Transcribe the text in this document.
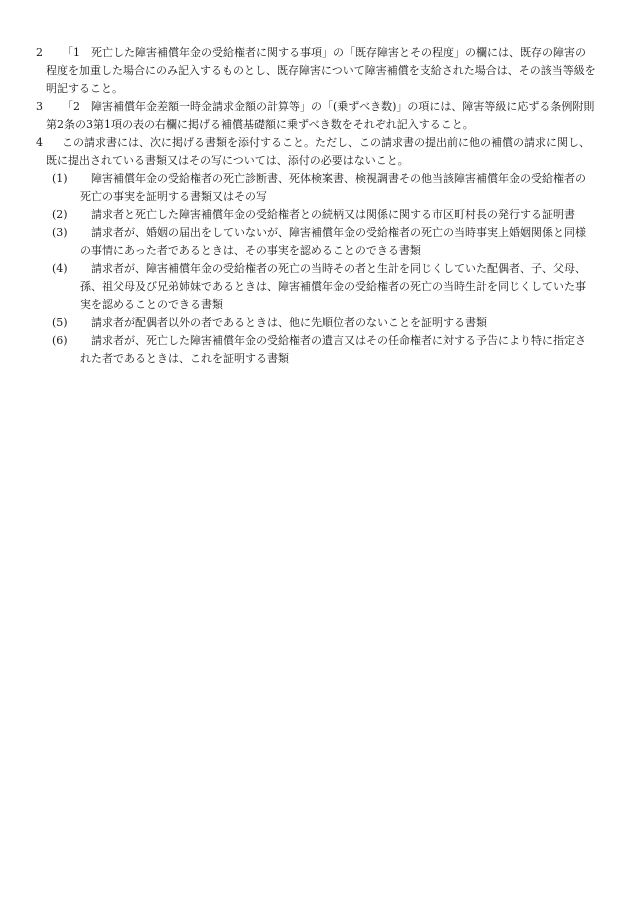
2	「1　死亡した障害補償年金の受給権者に関する事項」の「既存障害とその程度」の欄には、既存の障害の程度を加重した場合にのみ記入するものとし、既存障害について障害補償を支給された場合は、その該当等級を明記すること。
3	「2　障害補償年金差額一時金請求金額の計算等」の「(乗ずべき数)」の項には、障害等級に応ずる条例附則第2条の3第1項の表の右欄に掲げる補償基礎額に乗ずべき数をそれぞれ記入すること。
4	この請求書には、次に掲げる書類を添付すること。ただし、この請求書の提出前に他の補償の請求に関し、既に提出されている書類又はその写については、添付の必要はないこと。
(1)	障害補償年金の受給権者の死亡診断書、死体検案書、検視調書その他当該障害補償年金の受給権者の死亡の事実を証明する書類又はその写
(2)	請求者と死亡した障害補償年金の受給権者との続柄又は関係に関する市区町村長の発行する証明書
(3)	請求者が、婚姻の届出をしていないが、障害補償年金の受給権者の死亡の当時事実上婚姻関係と同様の事情にあった者であるときは、その事実を認めることのできる書類
(4)	請求者が、障害補償年金の受給権者の死亡の当時その者と生計を同じくしていた配偶者、子、父母、孫、祖父母及び兄弟姉妹であるときは、障害補償年金の受給権者の死亡の当時生計を同じくしていた事実を認めることのできる書類
(5)	請求者が配偶者以外の者であるときは、他に先順位者のないことを証明する書類
(6)	請求者が、死亡した障害補償年金の受給権者の遺言又はその任命権者に対する予告により特に指定された者であるときは、これを証明する書類
